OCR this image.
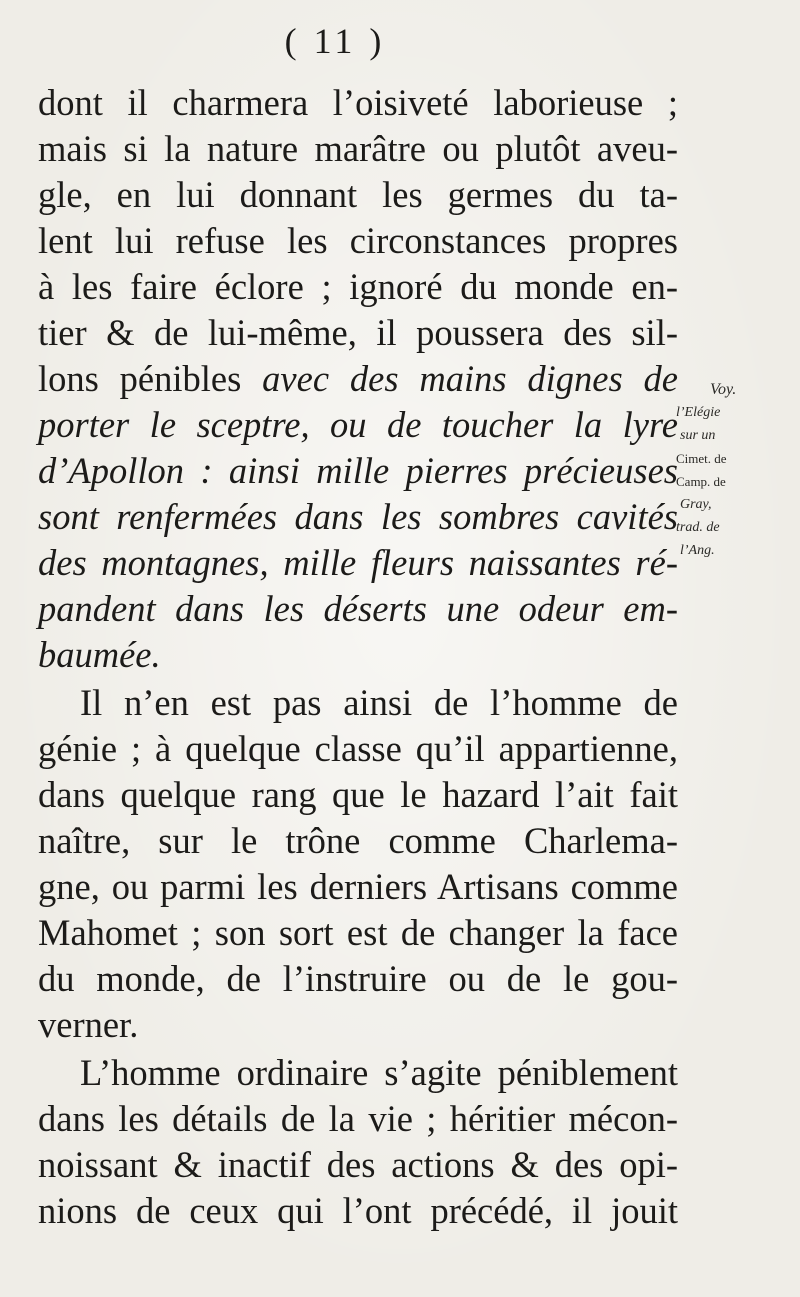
( 11 )
dont il charmera l’oisiveté laborieuse ;
mais si la nature marâtre ou plutôt aveu-
gle, en lui donnant les germes du ta-
lent lui refuse les circonstances propres
à les faire éclore ; ignoré du monde en-
tier & de lui-même, il poussera des sil-
lons pénibles avec des mains dignes de
porter le sceptre, ou de toucher la lyre
d’Apollon : ainsi mille pierres précieuses
sont renfermées dans les sombres cavités
des montagnes, mille fleurs naissantes ré-
pandent dans les déserts une odeur em-
baumée.
Il n’en est pas ainsi de l’homme de
génie ; à quelque classe qu’il appartienne,
dans quelque rang que le hazard l’ait fait
naître, sur le trône comme Charlema-
gne, ou parmi les derniers Artisans comme
Mahomet ; son sort est de changer la face
du monde, de l’instruire ou de le gou-
verner.
L’homme ordinaire s’agite péniblement
dans les détails de la vie ; héritier mécon-
noissant & inactif des actions & des opi-
nions de ceux qui l’ont précédé, il jouit
Voy.
l’Elégie
sur un
Cimet. de
Camp. de
Gray,
trad. de
l’Ang.
